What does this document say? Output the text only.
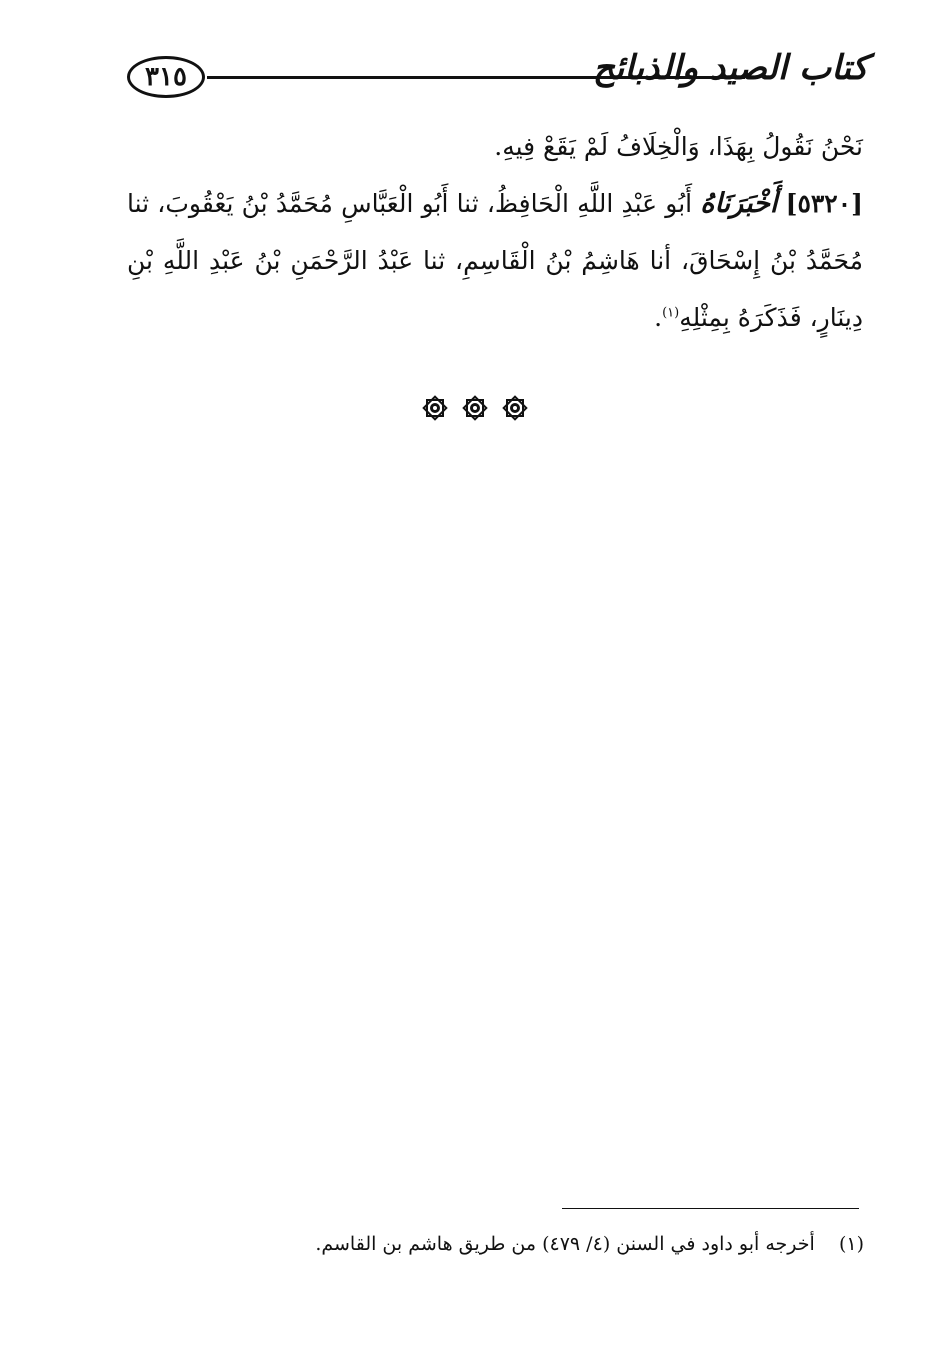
٣١٥	كتاب الصيد والذبائح

نَحْنُ نَقُولُ بِهَذَا، وَالْخِلَافُ لَمْ يَقَعْ فِيهِ.

[٥٣٢٠] أَخْبَرَنَاهُ أَبُو عَبْدِ اللَّهِ الْحَافِظُ، ثنا أَبُو الْعَبَّاسِ مُحَمَّدُ بْنُ يَعْقُوبَ، ثنا مُحَمَّدُ بْنُ إِسْحَاقَ، أنا هَاشِمُ بْنُ الْقَاسِمِ، ثنا عَبْدُ الرَّحْمَنِ بْنُ عَبْدِ اللَّهِ بْنِ دِينَارٍ، فَذَكَرَهُ بِمِثْلِهِ$^{(١)}$.

(١)    أخرجه أبو داود في السنن (٤/ ٤٧٩) من طريق هاشم بن القاسم.
